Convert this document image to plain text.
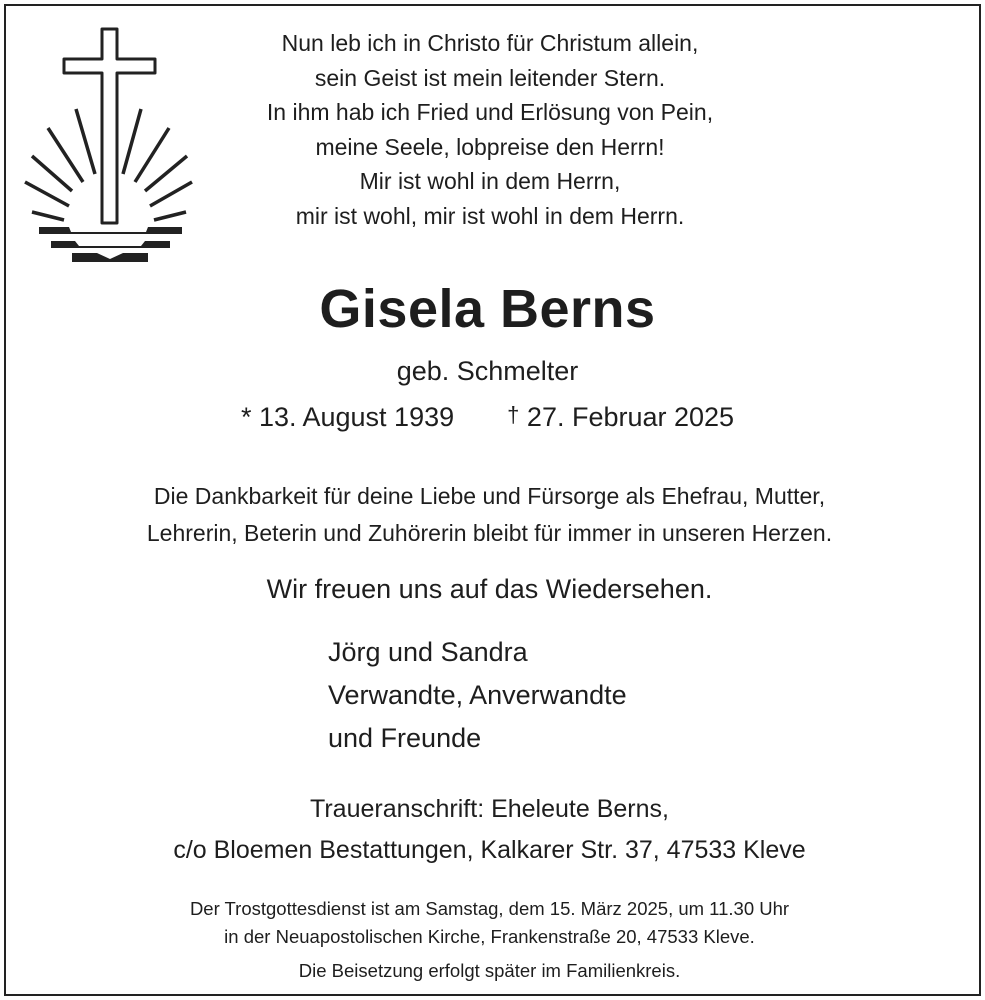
Nun leb ich in Christo für Christum allein,
sein Geist ist mein leitender Stern.
In ihm hab ich Fried und Erlösung von Pein,
meine Seele, lobpreise den Herrn!
Mir ist wohl in dem Herrn,
mir ist wohl, mir ist wohl in dem Herrn.
Gisela Berns
geb. Schmelter
* 13. August 1939 † 27. Februar 2025
Die Dankbarkeit für deine Liebe und Fürsorge als Ehefrau, Mutter,
Lehrerin, Beterin und Zuhörerin bleibt für immer in unseren Herzen.
Wir freuen uns auf das Wiedersehen.
Jörg und Sandra
Verwandte, Anverwandte
und Freunde
Traueranschrift: Eheleute Berns,
c/o Bloemen Bestattungen, Kalkarer Str. 37, 47533 Kleve
Der Trostgottesdienst ist am Samstag, dem 15. März 2025, um 11.30 Uhr
in der Neuapostolischen Kirche, Frankenstraße 20, 47533 Kleve.
Die Beisetzung erfolgt später im Familienkreis.
